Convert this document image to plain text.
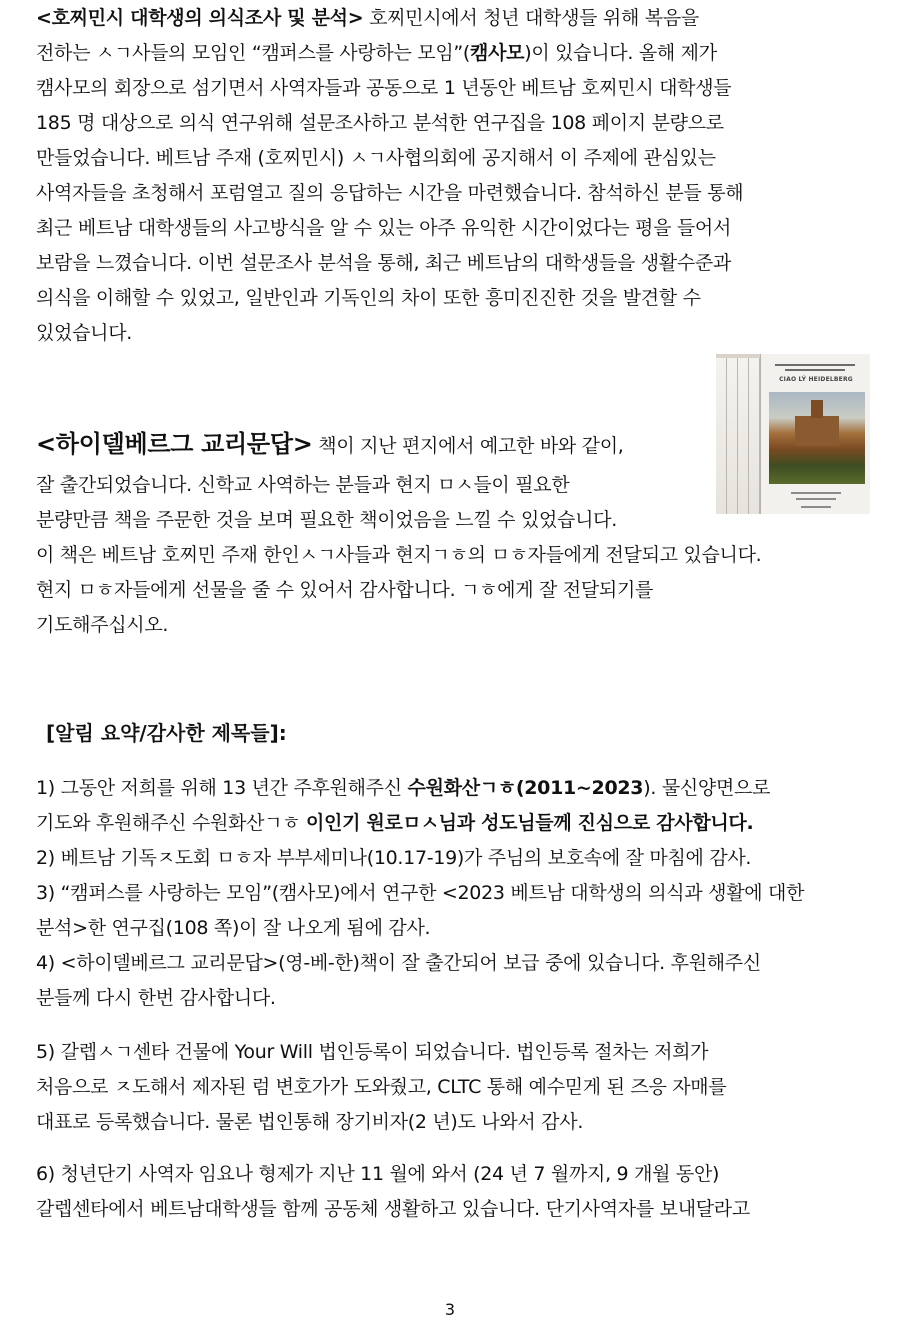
<호찌민시 대학생의 의식조사 및 분석> 호찌민시에서 청년 대학생들 위해 복음을
전하는 ㅅㄱ사들의 모임인 “캠퍼스를 사랑하는 모임”(캠사모)이 있습니다. 올해 제가
캠사모의 회장으로 섬기면서 사역자들과 공동으로 1 년동안 베트남 호찌민시 대학생들
185 명 대상으로 의식 연구위해 설문조사하고 분석한 연구집을 108 페이지 분량으로
만들었습니다. 베트남 주재 (호찌민시) ㅅㄱ사협의회에 공지해서 이 주제에 관심있는
사역자들을 초청해서 포럼열고 질의 응답하는 시간을 마련했습니다. 참석하신 분들 통해
최근 베트남 대학생들의 사고방식을 알 수 있는 아주 유익한 시간이었다는 평을 들어서
보람을 느꼈습니다. 이번 설문조사 분석을 통해, 최근 베트남의 대학생들을 생활수준과
의식을 이해할 수 있었고, 일반인과 기독인의 차이 또한 흥미진진한 것을 발견할 수
있었습니다.
CIAO LÝ HEIDELBERG
<하이델베르그 교리문답> 책이 지난 편지에서 예고한 바와 같이,
잘 출간되었습니다. 신학교 사역하는 분들과 현지 ㅁㅅ들이 필요한
분량만큼 책을 주문한 것을 보며 필요한 책이었음을 느낄 수 있었습니다.
이 책은 베트남 호찌민 주재 한인ㅅㄱ사들과 현지ㄱㅎ의 ㅁㅎ자들에게 전달되고 있습니다.
현지 ㅁㅎ자들에게 선물을 줄 수 있어서 감사합니다. ㄱㅎ에게 잘 전달되기를
기도해주십시오.
[알림 요약/감사한 제목들]:
1) 그동안 저희를 위해 13 년간 주후원해주신 수원화산ㄱㅎ(2011~2023). 물신양면으로
기도와 후원해주신 수원화산ㄱㅎ 이인기 원로ㅁㅅ님과 성도님들께 진심으로 감사합니다.
2) 베트남 기독ㅈ도회 ㅁㅎ자 부부세미나(10.17-19)가 주님의 보호속에 잘 마침에 감사.
3) “캠퍼스를 사랑하는 모임”(캠사모)에서 연구한 <2023 베트남 대학생의 의식과 생활에 대한
분석>한 연구집(108 쪽)이 잘 나오게 됨에 감사.
4) <하이델베르그 교리문답>(영-베-한)책이 잘 출간되어 보급 중에 있습니다. 후원해주신
분들께 다시 한번 감사합니다.
5) 갈렙ㅅㄱ센타 건물에 Your Will 법인등록이 되었습니다. 법인등록 절차는 저희가
처음으로 ㅈ도해서 제자된 럼 변호가가 도와줬고, CLTC 통해 예수믿게 된 즈응 자매를
대표로 등록했습니다. 물론 법인통해 장기비자(2 년)도 나와서 감사.
6) 청년단기 사역자 임요나 형제가 지난 11 월에 와서 (24 년 7 월까지, 9 개월 동안)
갈렙센타에서 베트남대학생들 함께 공동체 생활하고 있습니다. 단기사역자를 보내달라고
3
